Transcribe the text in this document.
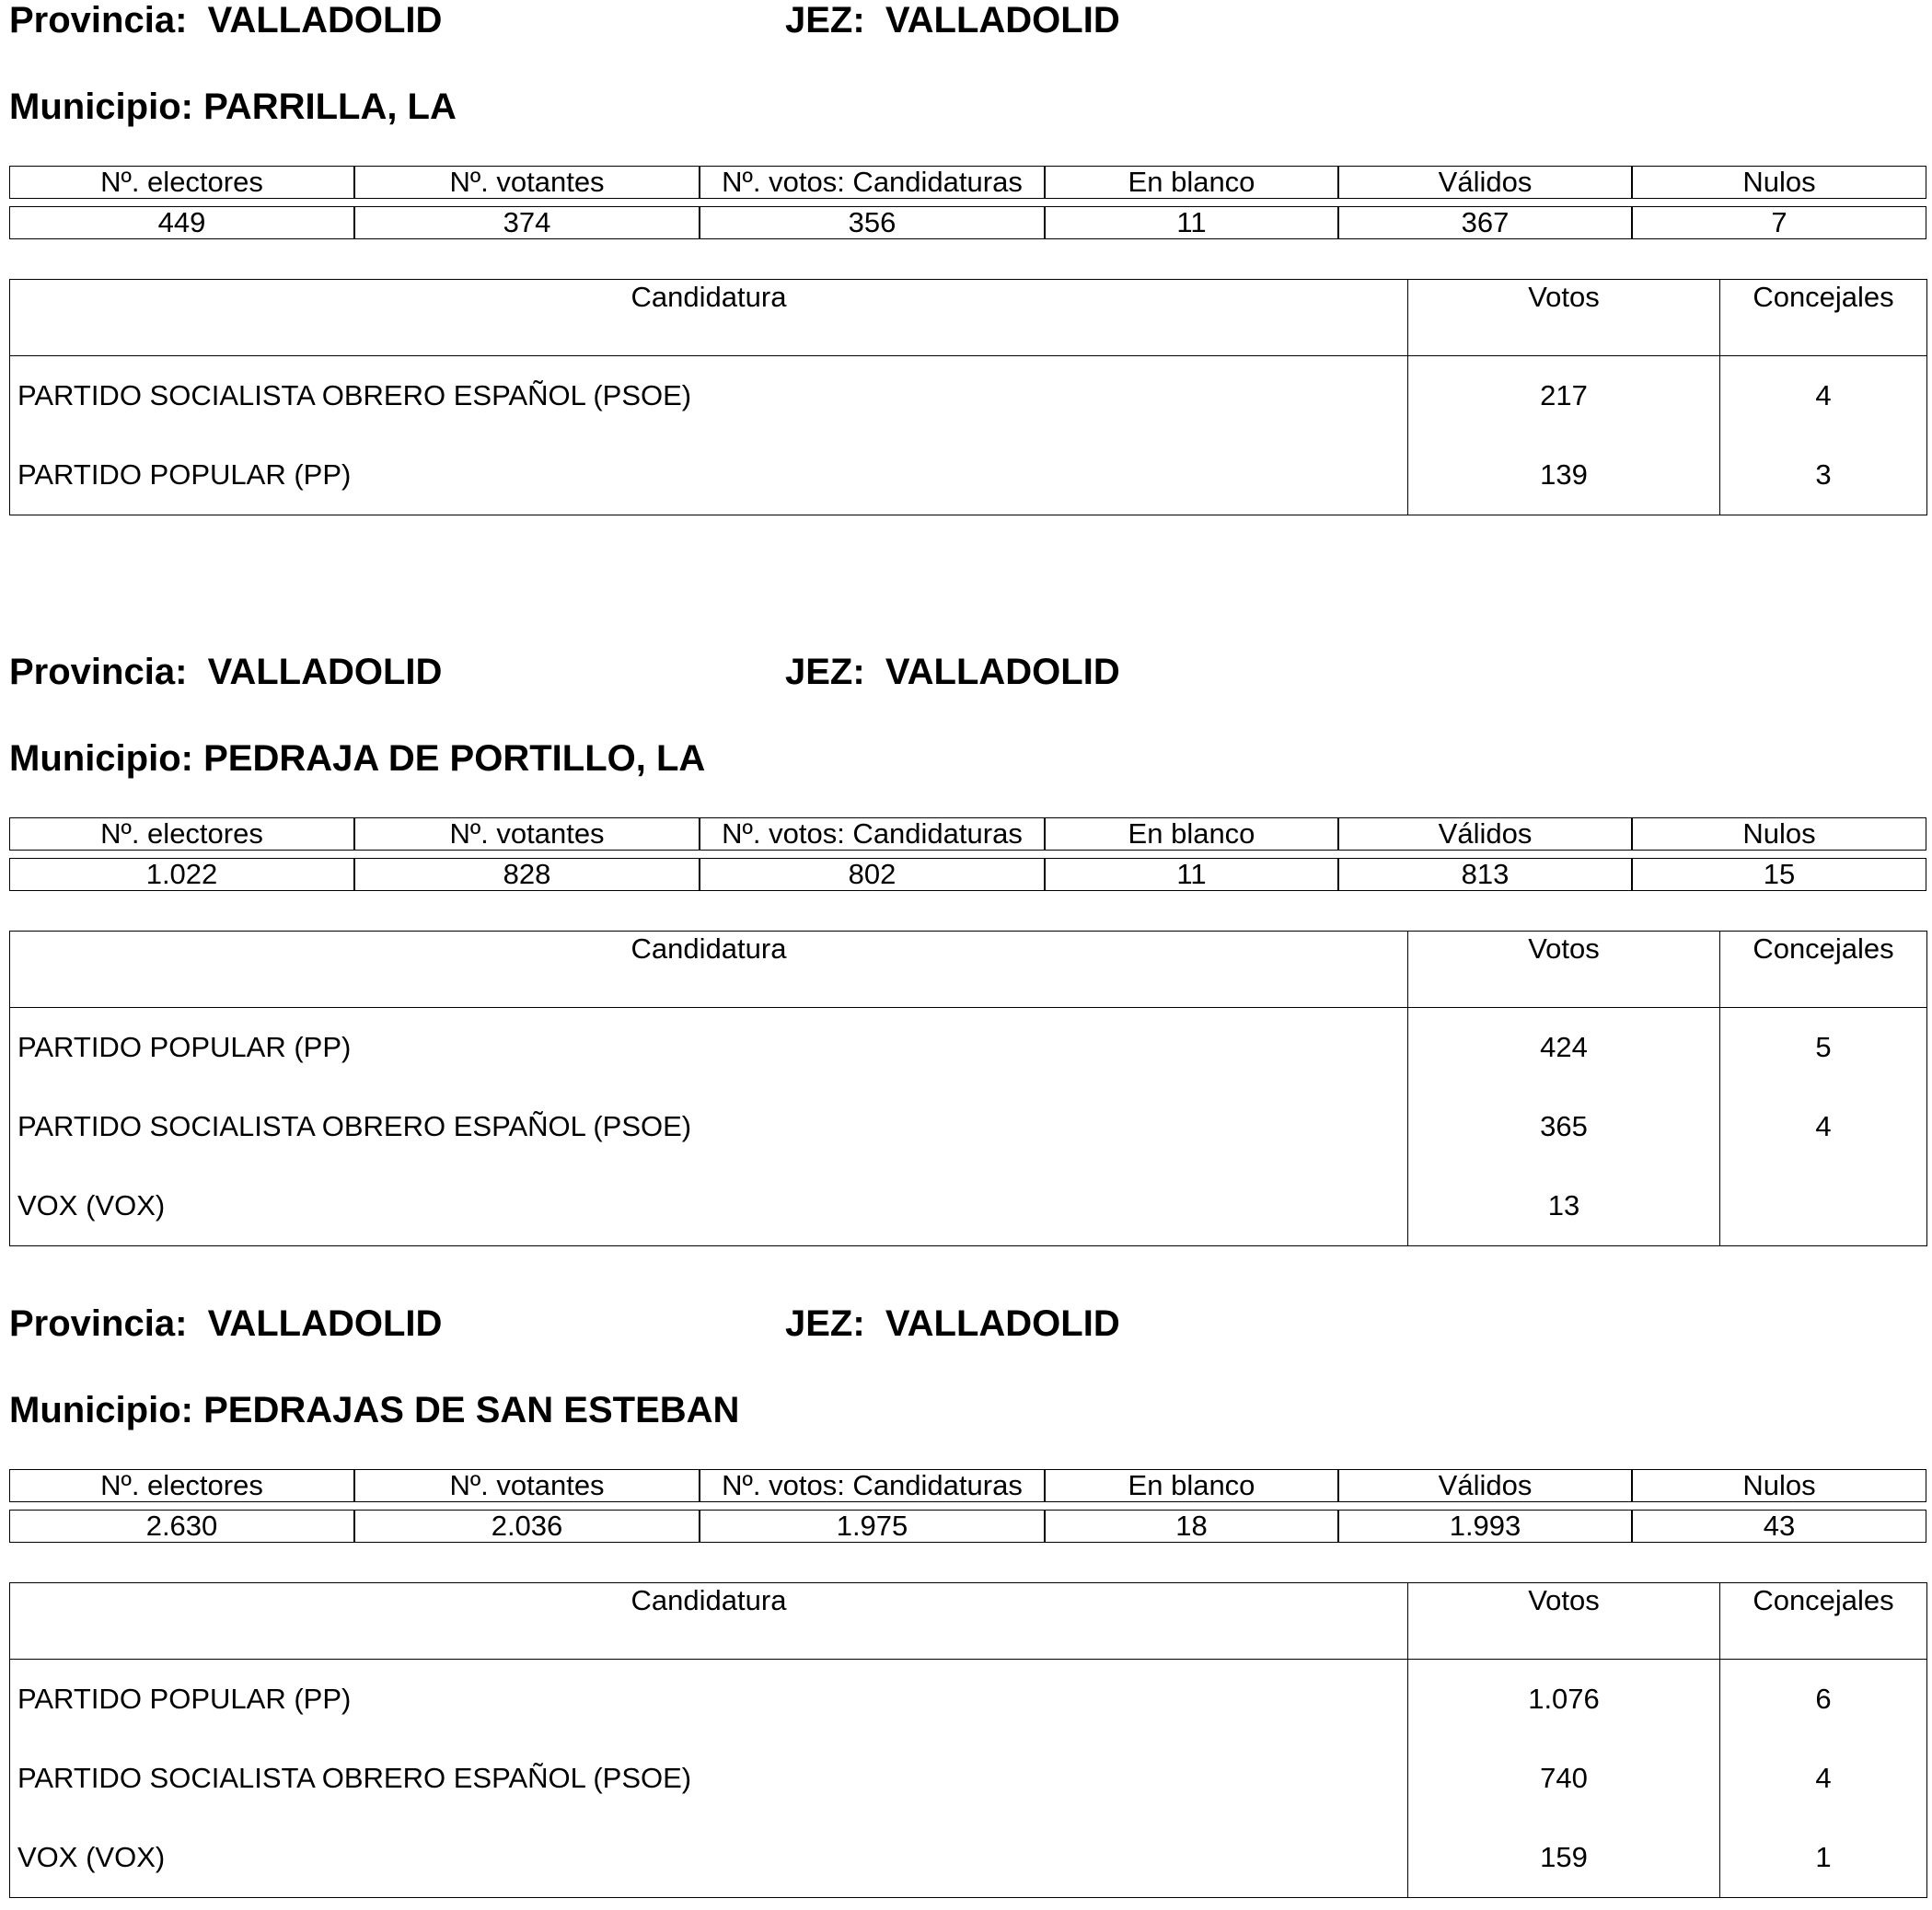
Provincia: VALLADOLID	JEZ: VALLADOLID
Municipio: PARRILLA, LA
Nº. electores	Nº. votantes	Nº. votos: Candidaturas	En blanco	Válidos	Nulos

449	374	356	11	367	7
Candidatura	Votos	Concejales
PARTIDO SOCIALISTA OBRERO ESPAÑOL (PSOE)	217	4
PARTIDO POPULAR (PP)	139	3
Provincia: VALLADOLID	JEZ: VALLADOLID
Municipio: PEDRAJA DE PORTILLO, LA
Nº. electores	Nº. votantes	Nº. votos: Candidaturas	En blanco	Válidos	Nulos

1.022	828	802	11	813	15
Candidatura	Votos	Concejales
PARTIDO POPULAR (PP)	424	5
PARTIDO SOCIALISTA OBRERO ESPAÑOL (PSOE)	365	4
VOX (VOX)	13	
Provincia: VALLADOLID	JEZ: VALLADOLID
Municipio: PEDRAJAS DE SAN ESTEBAN
Nº. electores	Nº. votantes	Nº. votos: Candidaturas	En blanco	Válidos	Nulos

2.630	2.036	1.975	18	1.993	43
Candidatura	Votos	Concejales
PARTIDO POPULAR (PP)	1.076	6
PARTIDO SOCIALISTA OBRERO ESPAÑOL (PSOE)	740	4
VOX (VOX)	159	1
